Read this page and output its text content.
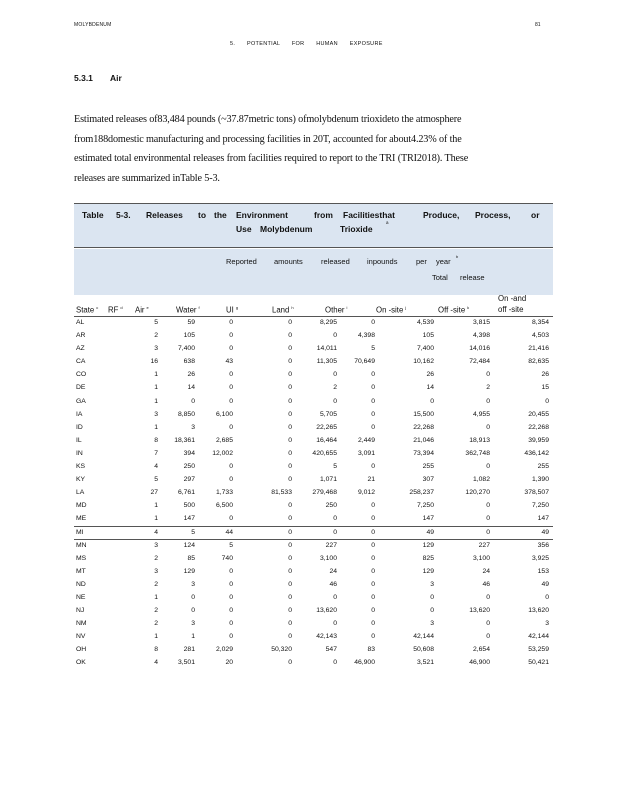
MOLYBDENUM	81
5. POTENTIAL FOR HUMAN EXPOSURE
5.3.1 Air
Estimated releases of83,484 pounds (~37.87metric tons) ofmolybdenum trioxideto the atmosphere
from188domestic manufacturing and processing facilities in 20T, accounted for about4.23% of the
estimated total environmental releases from facilities required to report to the TRI (TRI2018). These
releases are summarized inTable 5-3.
Table 5-3. Releases to the Environment	from Facilitiesthat	Produce, Process, or
Use Molybdenum	Trioxide
a
Reported amounts released inpounds per year
b
Total release
State $^c$ RF $^d$ Air $^e$	Water $^f$	UI $^g$	Land $^h$	Other $^i$	On -site $^j$	Off -site $^k$
On -and
off -site
AL	5	59	0	0	8,295	0	4,539	3,815	8,354
AR	2	105	0	0	0	4,398	105	4,398	4,503
AZ	3	7,400	0	0	14,011	5	7,400	14,016	21,416
CA	16	638	43	0	11,305	70,649	10,162	72,484	82,635
CO	1	26	0	0	0	0	26	0	26
DE	1	14	0	0	2	0	14	2	15
GA	1	0	0	0	0	0	0	0	0
IA	3	8,850	6,100	0	5,705	0	15,500	4,955	20,455
ID	1	3	0	0	22,265	0	22,268	0	22,268
IL	8 18,361	2,685	0	16,464	2,449	21,046	18,913	39,959
IN	7	394	12,002	0	420,655	3,091	73,394	362,748	436,142
KS	4	250	0	0	5	0	255	0	255
KY	5	297	0	0	1,071	21	307	1,082	1,390
LA	27	6,761	1,733	81,533	279,468	9,012	258,237	120,270	378,507
MD	1	500	6,500	0	250	0	7,250	0	7,250
ME	1	147	0	0	0	0	147	0	147
MI	4	5	44	0	0	0	49	0	49
MN	3	124	5	0	227	0	129	227	356
MS	2	85	740	0	3,100	0	825	3,100	3,925
MT	3	129	0	0	24	0	129	24	153
ND	2	3	0	0	46	0	3	46	49
NE	1	0	0	0	0	0	0	0	0
NJ	2	0	0	0	13,620	0	0	13,620	13,620
NM	2	3	0	0	0	0	3	0	3
NV	1	1	0	0	42,143	0	42,144	0	42,144
OH	8	281	2,029	50,320	547	83	50,608	2,654	53,259
OK	4	3,501	20	0	0	46,900	3,521	46,900	50,421
